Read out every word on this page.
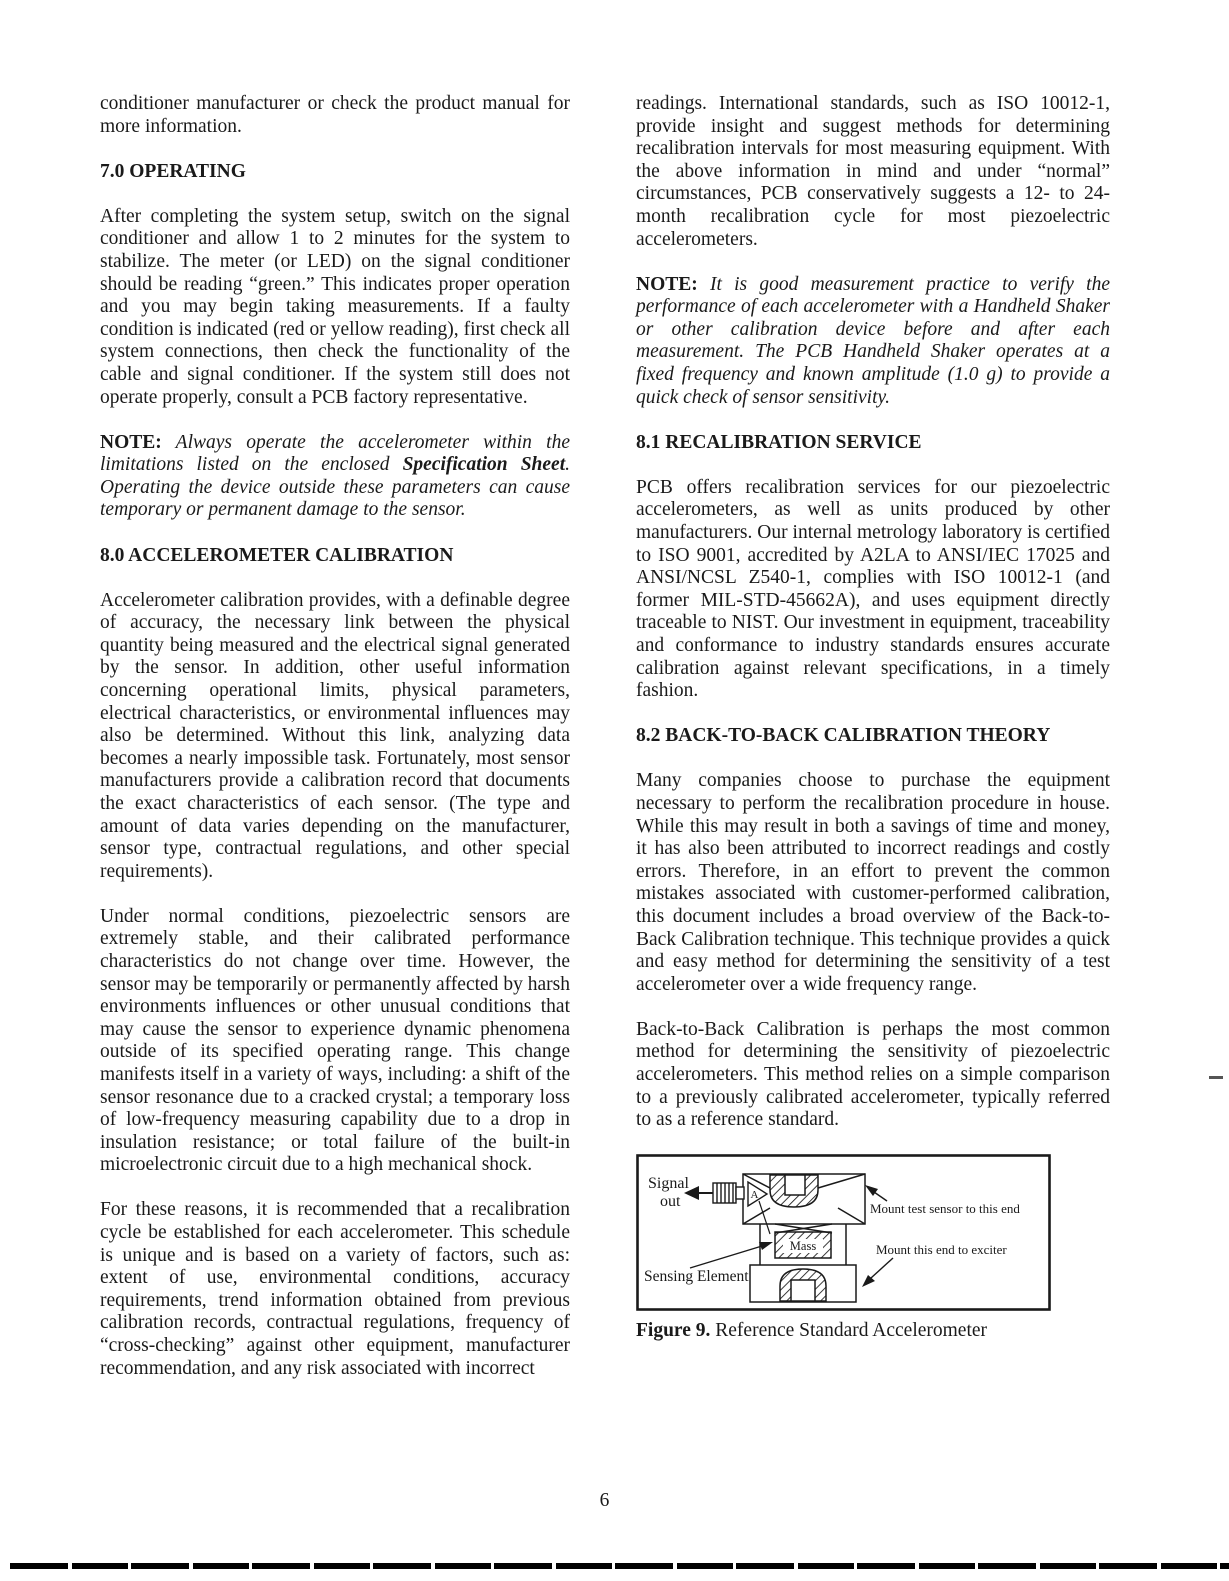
conditioner manufacturer or check the product manual for more information.

7.0 OPERATING

After completing the system setup, switch on the signal conditioner and allow 1 to 2 minutes for the system to stabilize. The meter (or LED) on the signal conditioner should be reading “green.” This indicates proper operation and you may begin taking measurements. If a faulty condition is indicated (red or yellow reading), first check all system connections, then check the functionality of the cable and signal conditioner. If the system still does not operate properly, consult a PCB factory representative.

NOTE: Always operate the accelerometer within the limitations listed on the enclosed Specification Sheet. Operating the device outside these parameters can cause temporary or permanent damage to the sensor.

8.0 ACCELEROMETER CALIBRATION

Accelerometer calibration provides, with a definable degree of accuracy, the necessary link between the physical quantity being measured and the electrical signal generated by the sensor. In addition, other useful information concerning operational limits, physical parameters, electrical characteristics, or environmental influences may also be determined. Without this link, analyzing data becomes a nearly impossible task. Fortunately, most sensor manufacturers provide a calibration record that documents the exact characteristics of each sensor. (The type and amount of data varies depending on the manufacturer, sensor type, contractual regulations, and other special requirements).

Under normal conditions, piezoelectric sensors are extremely stable, and their calibrated performance characteristics do not change over time. However, the sensor may be temporarily or permanently affected by harsh environments influences or other unusual conditions that may cause the sensor to experience dynamic phenomena outside of its specified operating range. This change manifests itself in a variety of ways, including: a shift of the sensor resonance due to a cracked crystal; a temporary loss of low-frequency measuring capability due to a drop in insulation resistance; or total failure of the built-in microelectronic circuit due to a high mechanical shock.

For these reasons, it is recommended that a recalibration cycle be established for each accelerometer. This schedule is unique and is based on a variety of factors, such as: extent of use, environmental conditions, accuracy requirements, trend information obtained from previous calibration records, contractual regulations, frequency of “cross-checking” against other equipment, manufacturer recommendation, and any risk associated with incorrect

readings. International standards, such as ISO 10012-1, provide insight and suggest methods for determining recalibration intervals for most measuring equipment. With the above information in mind and under “normal” circumstances, PCB conservatively suggests a 12- to 24-month recalibration cycle for most piezoelectric accelerometers.

NOTE: It is good measurement practice to verify the performance of each accelerometer with a Handheld Shaker or other calibration device before and after each measurement. The PCB Handheld Shaker operates at a fixed frequency and known amplitude (1.0 g) to provide a quick check of sensor sensitivity.

8.1 RECALIBRATION SERVICE

PCB offers recalibration services for our piezoelectric accelerometers, as well as units produced by other manufacturers. Our internal metrology laboratory is certified to ISO 9001, accredited by A2LA to ANSI/IEC 17025 and ANSI/NCSL Z540-1, complies with ISO 10012-1 (and former MIL-STD-45662A), and uses equipment directly traceable to NIST. Our investment in equipment, traceability and conformance to industry standards ensures accurate calibration against relevant specifications, in a timely fashion.

8.2 BACK-TO-BACK CALIBRATION THEORY

Many companies choose to purchase the equipment necessary to perform the recalibration procedure in house. While this may result in both a savings of time and money, it has also been attributed to incorrect readings and costly errors. Therefore, in an effort to prevent the common mistakes associated with customer-performed calibration, this document includes a broad overview of the Back-to-Back Calibration technique. This technique provides a quick and easy method for determining the sensitivity of a test accelerometer over a wide frequency range.

Back-to-Back Calibration is perhaps the most common method for determining the sensitivity of piezoelectric accelerometers. This method relies on a simple comparison to a previously calibrated accelerometer, typically referred to as a reference standard.

A
Signal
out
Mass
Sensing Element
Mount test sensor to this end
Mount this end to exciter
Figure 9. Reference Standard Accelerometer
6
